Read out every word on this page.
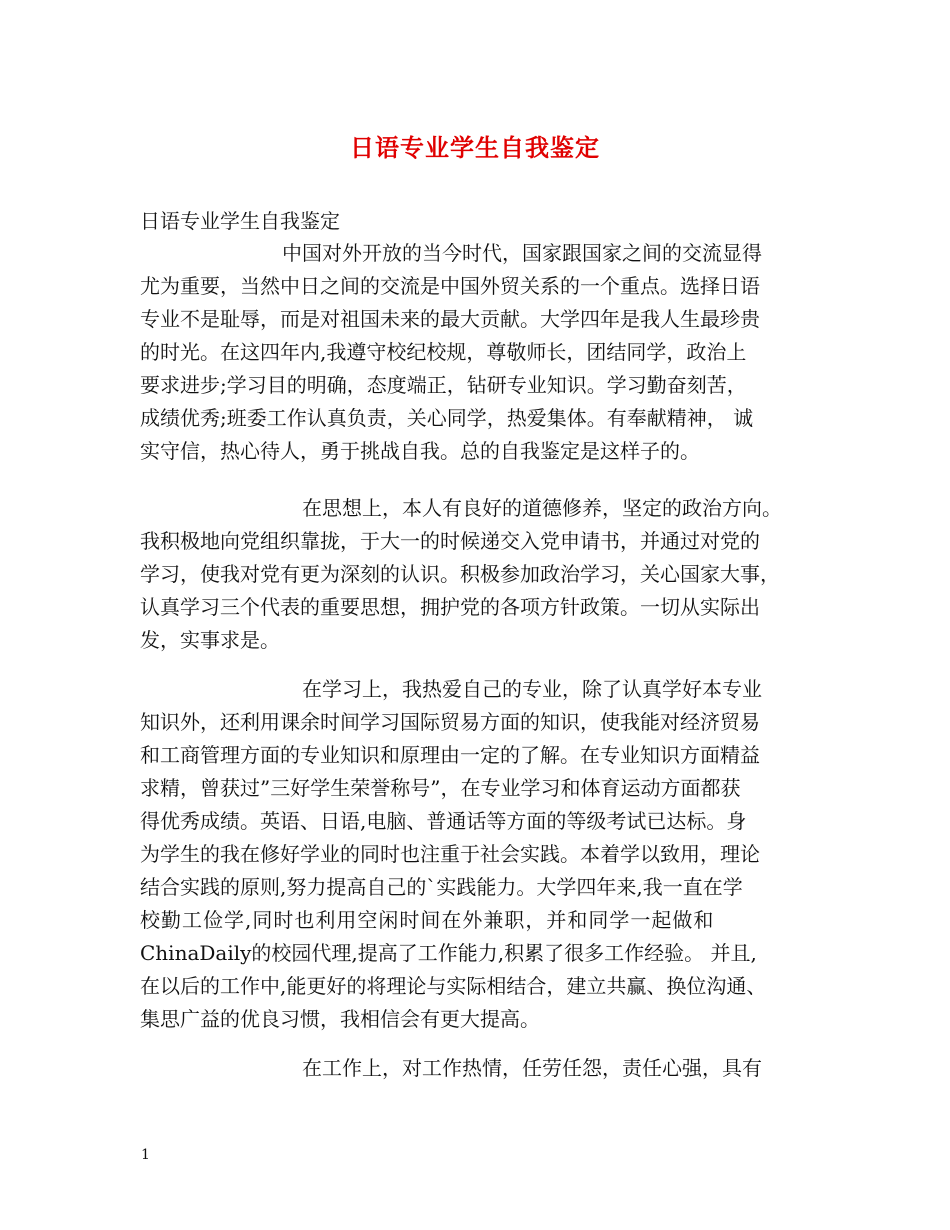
日语专业学生自我鉴定
日语专业学生自我鉴定
中国对外开放的当今时代，国家跟国家之间的交流显得
尤为重要，当然中日之间的交流是中国外贸关系的一个重点。选择日语
专业不是耻辱，而是对祖国未来的最大贡献。大学四年是我人生最珍贵
的时光。在这四年内,我遵守校纪校规，尊敬师长，团结同学，政治上
要求进步;学习目的明确，态度端正，钻研专业知识。学习勤奋刻苦，
成绩优秀;班委工作认真负责，关心同学，热爱集体。有奉献精神， 诚
实守信，热心待人，勇于挑战自我。总的自我鉴定是这样子的。
在思想上，本人有良好的道德修养，坚定的政治方向。
我积极地向党组织靠拢，于大一的时候递交入党申请书，并通过对党的
学习，使我对党有更为深刻的认识。积极参加政治学习，关心国家大事，
认真学习三个代表的重要思想，拥护党的各项方针政策。一切从实际出
发，实事求是。
在学习上，我热爱自己的专业，除了认真学好本专业
知识外，还利用课余时间学习国际贸易方面的知识，使我能对经济贸易
和工商管理方面的专业知识和原理由一定的了解。在专业知识方面精益
求精，曾获过”三好学生荣誉称号”，在专业学习和体育运动方面都获
得优秀成绩。英语、日语,电脑、普通话等方面的等级考试已达标。身
为学生的我在修好学业的同时也注重于社会实践。本着学以致用，理论
结合实践的原则,努力提高自己的`实践能力。大学四年来,我一直在学
校勤工俭学,同时也利用空闲时间在外兼职，并和同学一起做和
ChinaDaily的校园代理,提高了工作能力,积累了很多工作经验。 并且,
在以后的工作中,能更好的将理论与实际相结合，建立共赢、换位沟通、
集思广益的优良习惯，我相信会有更大提高。
在工作上，对工作热情，任劳任怨，责任心强，具有
1
